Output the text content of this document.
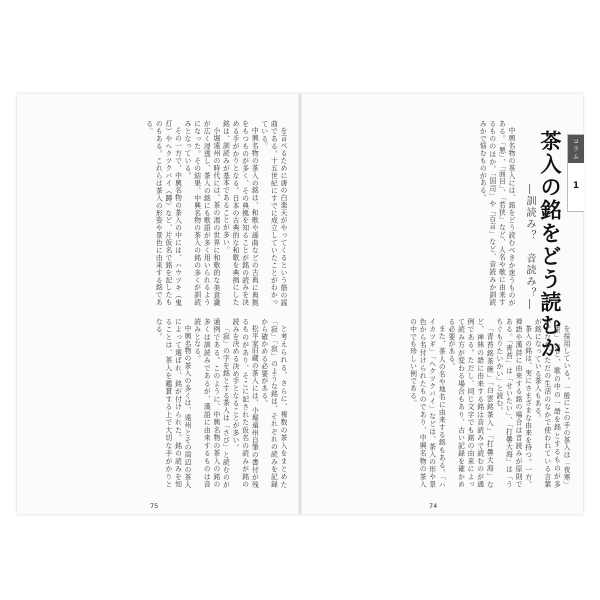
コラム
1
茶入の銘をどう読むか
―訓読み？　音読み？―

中興名物の茶入には、銘をどう読むべきか迷うものがある。「悪」、「面目」、「若狭」など、人名や歌に由来するもののほか、「国司」や「百言」など、音読みか訓読みかで悩むものがある。

を採用している。一般にこの手の茶入は「夜寒」「蛍」など、歌の中の一語を銘とするものが多い。なお、ただの生活のなかで使われている言葉が銘になっている茶入もある。

茶入の銘は、実にさまざまな由来を持つ。一方、禅語や漢詩に由来する銘の場合は音読みが原則である。「青苔」は「せいたい」、「打曇大海」は「うちぐもりたいかい」と読む。

「青苔銘茶碗」「白雲銘茶入」「打曇大海」など、禅林の語に由来する銘は音読みで読むのが通例である。ただし、同じ文字でも銘の由来によって読み方が変わる場合もあり、古い記録を確かめる必要がある。

また、茶人の名や地名に由来する銘もある。「ハイカツギ」「ヘクツクバイ」などは、茶入の形や景色から名付けられたものであり、中興名物の茶入の中でも珍しい例である。

74

を言べるために唐の白楽天がやってくるという筋の謡曲である。十五世紀にすでに成立していたことがわかっている。

中興名物の茶入の銘は、和歌や謡曲などの古典に典拠をもつものが多く、その典拠を知ることが銘の読みを決める手がかりとなる。日本の古典的な和歌を典拠にした銘は、訓読みが基本であることが多い。

小堀遠州の時代には、茶の湯の世界に和歌的な美意識が広く浸透し、茶入の銘にも歌語が多く用いられるようになった。その結果、中興名物の茶入の銘の多くが訓読みとなっている。

その一方で、中興名物の茶入の中には、ハウツキ（鬼灯）やヘクツクバイ（蹲）など、片仮名で銘を記したものもある。これらは茶入の形姿や景色に由来する銘である。

と考えられる。さらに、複数の茶入をまとめた「寂」「寂」のような銘は、それぞれの読みを記録から確かめる必要がある。

松平家旧蔵の茶入には、小堀遠州自筆の書付が残るものがあり、そこに記された仮名の読みが銘の読みを決める決め手となることが多い。

「寂」の字を銘とする茶入は「さび」と読むのが通例である。このように、中興名物の茶入の銘の多くは訓読みであるが、漢語に由来するものは音読みとなる。

中興名物の茶入の多くは、遠州とその周辺の茶人によって選ばれ、銘が付けられた。銘の読みを知ることは、茶入を鑑賞する上で大切な手がかりとなる。

75
